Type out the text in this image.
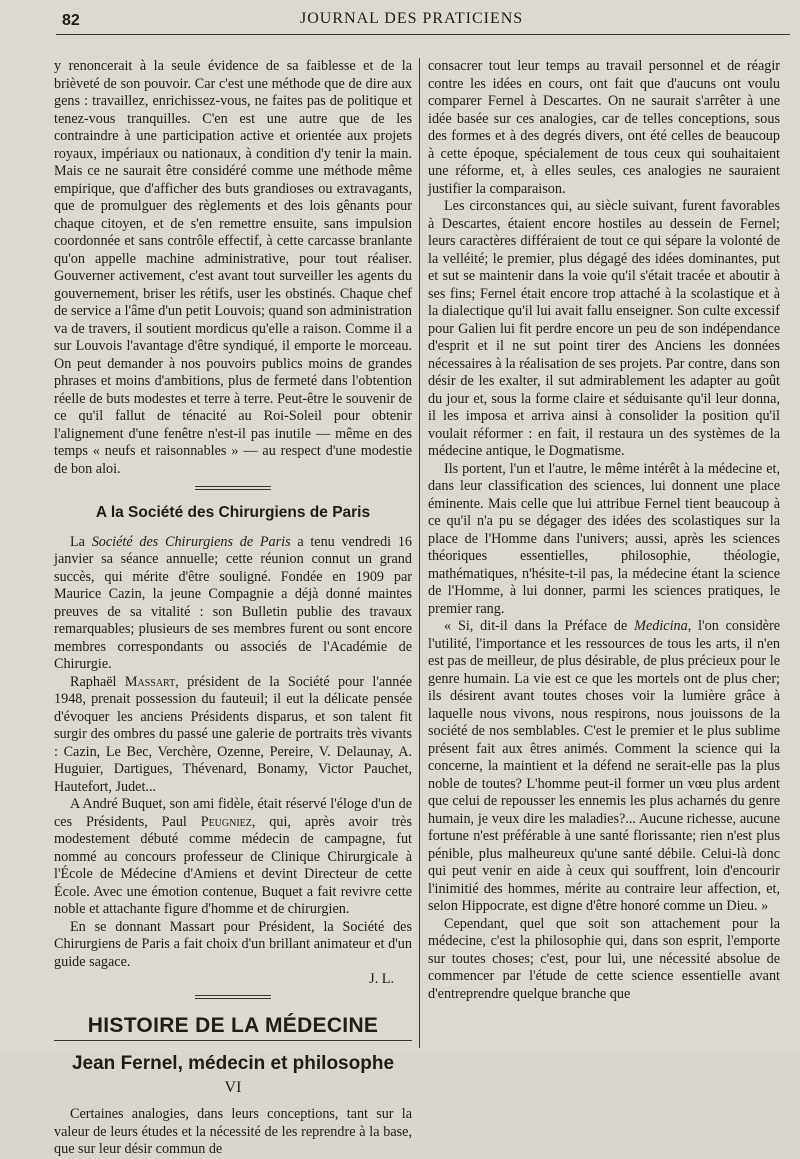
82	JOURNAL DES PRATICIENS

y renoncerait à la seule évidence de sa faiblesse et de la brièveté de son pouvoir. Car c'est une méthode que de dire aux gens : travaillez, enrichissez-vous, ne faites pas de politique et tenez-vous tranquilles. C'en est une autre que de les contraindre à une participation active et orientée aux projets royaux, impériaux ou nationaux, à condition d'y tenir la main. Mais ce ne saurait être considéré comme une méthode même empirique, que d'afficher des buts grandioses ou extravagants, que de promulguer des règlements et des lois gênants pour chaque citoyen, et de s'en remettre ensuite, sans impulsion coordonnée et sans contrôle effectif, à cette carcasse branlante qu'on appelle machine administrative, pour tout réaliser. Gouverner activement, c'est avant tout surveiller les agents du gouvernement, briser les rétifs, user les obstinés. Chaque chef de service a l'âme d'un petit Louvois; quand son administration va de travers, il soutient mordicus qu'elle a raison. Comme il a sur Louvois l'avantage d'être syndiqué, il emporte le morceau. On peut demander à nos pouvoirs publics moins de grandes phrases et moins d'ambitions, plus de fermeté dans l'obtention réelle de buts modestes et terre à terre. Peut-être le souvenir de ce qu'il fallut de ténacité au Roi-Soleil pour obtenir l'alignement d'une fenêtre n'est-il pas inutile — même en des temps « neufs et raisonnables » — au respect d'une modestie de bon aloi.

A la Société des Chirurgiens de Paris

La Société des Chirurgiens de Paris a tenu vendredi 16 janvier sa séance annuelle; cette réunion connut un grand succès, qui mérite d'être souligné. Fondée en 1909 par Maurice Cazin, la jeune Compagnie a déjà donné maintes preuves de sa vitalité : son Bulletin publie des travaux remarquables; plusieurs de ses membres furent ou sont encore membres correspondants ou associés de l'Académie de Chirurgie.

Raphaël Massart, président de la Société pour l'année 1948, prenait possession du fauteuil; il eut la délicate pensée d'évoquer les anciens Présidents disparus, et son talent fit surgir des ombres du passé une galerie de portraits très vivants : Cazin, Le Bec, Verchère, Ozenne, Pereire, V. Delaunay, A. Huguier, Dartigues, Thévenard, Bonamy, Victor Pauchet, Hautefort, Judet...

A André Buquet, son ami fidèle, était réservé l'éloge d'un de ces Présidents, Paul Peugniez, qui, après avoir très modestement débuté comme médecin de campagne, fut nommé au concours professeur de Clinique Chirurgicale à l'École de Médecine d'Amiens et devint Directeur de cette École. Avec une émotion contenue, Buquet a fait revivre cette noble et attachante figure d'homme et de chirurgien.

En se donnant Massart pour Président, la Société des Chirurgiens de Paris a fait choix d'un brillant animateur et d'un guide sagace.

J. L.

HISTOIRE DE LA MÉDECINE
Jean Fernel, médecin et philosophe
VI

Certaines analogies, dans leurs conceptions, tant sur la valeur de leurs études et la nécessité de les reprendre à la base, que sur leur désir commun de

consacrer tout leur temps au travail personnel et de réagir contre les idées en cours, ont fait que d'aucuns ont voulu comparer Fernel à Descartes. On ne saurait s'arrêter à une idée basée sur ces analogies, car de telles conceptions, sous des formes et à des degrés divers, ont été celles de beaucoup à cette époque, spécialement de tous ceux qui souhaitaient une réforme, et, à elles seules, ces analogies ne sauraient justifier la comparaison.

Les circonstances qui, au siècle suivant, furent favorables à Descartes, étaient encore hostiles au dessein de Fernel; leurs caractères différaient de tout ce qui sépare la volonté de la velléité; le premier, plus dégagé des idées dominantes, put et sut se maintenir dans la voie qu'il s'était tracée et aboutir à ses fins; Fernel était encore trop attaché à la scolastique et à la dialectique qu'il lui avait fallu enseigner. Son culte excessif pour Galien lui fit perdre encore un peu de son indépendance d'esprit et il ne sut point tirer des Anciens les données nécessaires à la réalisation de ses projets. Par contre, dans son désir de les exalter, il sut admirablement les adapter au goût du jour et, sous la forme claire et séduisante qu'il leur donna, il les imposa et arriva ainsi à consolider la position qu'il voulait réformer : en fait, il restaura un des systèmes de la médecine antique, le Dogmatisme.

Ils portent, l'un et l'autre, le même intérêt à la médecine et, dans leur classification des sciences, lui donnent une place éminente. Mais celle que lui attribue Fernel tient beaucoup à ce qu'il n'a pu se dégager des idées des scolastiques sur la place de l'Homme dans l'univers; aussi, après les sciences théoriques essentielles, philosophie, théologie, mathématiques, n'hésite-t-il pas, la médecine étant la science de l'Homme, à lui donner, parmi les sciences pratiques, le premier rang.

« Si, dit-il dans la Préface de Medicina, l'on considère l'utilité, l'importance et les ressources de tous les arts, il n'en est pas de meilleur, de plus désirable, de plus précieux pour le genre humain. La vie est ce que les mortels ont de plus cher; ils désirent avant toutes choses voir la lumière grâce à laquelle nous vivons, nous respirons, nous jouissons de la société de nos semblables. C'est le premier et le plus sublime présent fait aux êtres animés. Comment la science qui la concerne, la maintient et la défend ne serait-elle pas la plus noble de toutes? L'homme peut-il former un vœu plus ardent que celui de repousser les ennemis les plus acharnés du genre humain, je veux dire les maladies?... Aucune richesse, aucune fortune n'est préférable à une santé florissante; rien n'est plus pénible, plus malheureux qu'une santé débile. Celui-là donc qui peut venir en aide à ceux qui souffrent, loin d'encourir l'inimitié des hommes, mérite au contraire leur affection, et, selon Hippocrate, est digne d'être honoré comme un Dieu. »

Cependant, quel que soit son attachement pour la médecine, c'est la philosophie qui, dans son esprit, l'emporte sur toutes choses; c'est, pour lui, une nécessité absolue de commencer par l'étude de cette science essentielle avant d'entreprendre quelque branche que
